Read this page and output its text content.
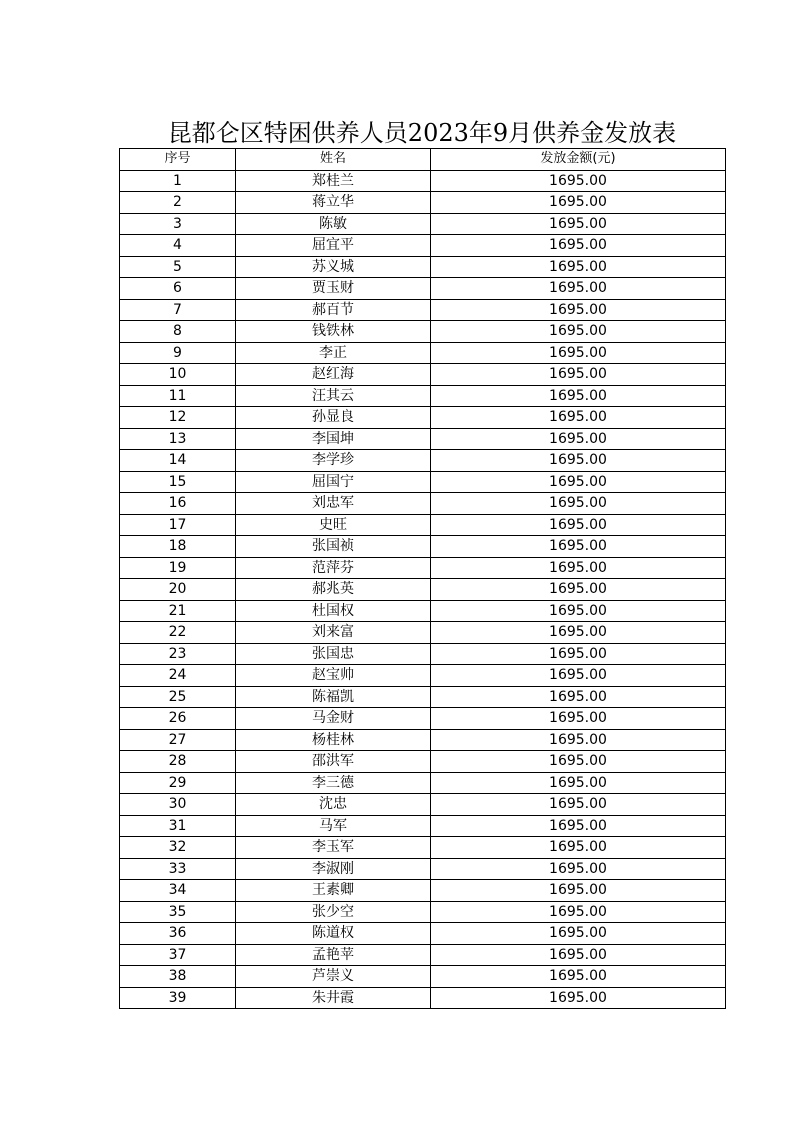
昆都仑区特困供养人员2023年9月供养金发放表
序号	姓名	发放金额(元)
1	郑桂兰	1695.00
2	蒋立华	1695.00
3	陈敏	1695.00
4	屈宜平	1695.00
5	苏义城	1695.00
6	贾玉财	1695.00
7	郝百节	1695.00
8	钱铁林	1695.00
9	李正	1695.00
10	赵红海	1695.00
11	汪其云	1695.00
12	孙显良	1695.00
13	李国坤	1695.00
14	李学珍	1695.00
15	屈国宁	1695.00
16	刘忠军	1695.00
17	史旺	1695.00
18	张国祯	1695.00
19	范萍芬	1695.00
20	郝兆英	1695.00
21	杜国权	1695.00
22	刘来富	1695.00
23	张国忠	1695.00
24	赵宝帅	1695.00
25	陈福凯	1695.00
26	马金财	1695.00
27	杨桂林	1695.00
28	邵洪军	1695.00
29	李三德	1695.00
30	沈忠	1695.00
31	马军	1695.00
32	李玉军	1695.00
33	李淑刚	1695.00
34	王素卿	1695.00
35	张少空	1695.00
36	陈道权	1695.00
37	孟艳苹	1695.00
38	芦崇义	1695.00
39	朱井霞	1695.00
